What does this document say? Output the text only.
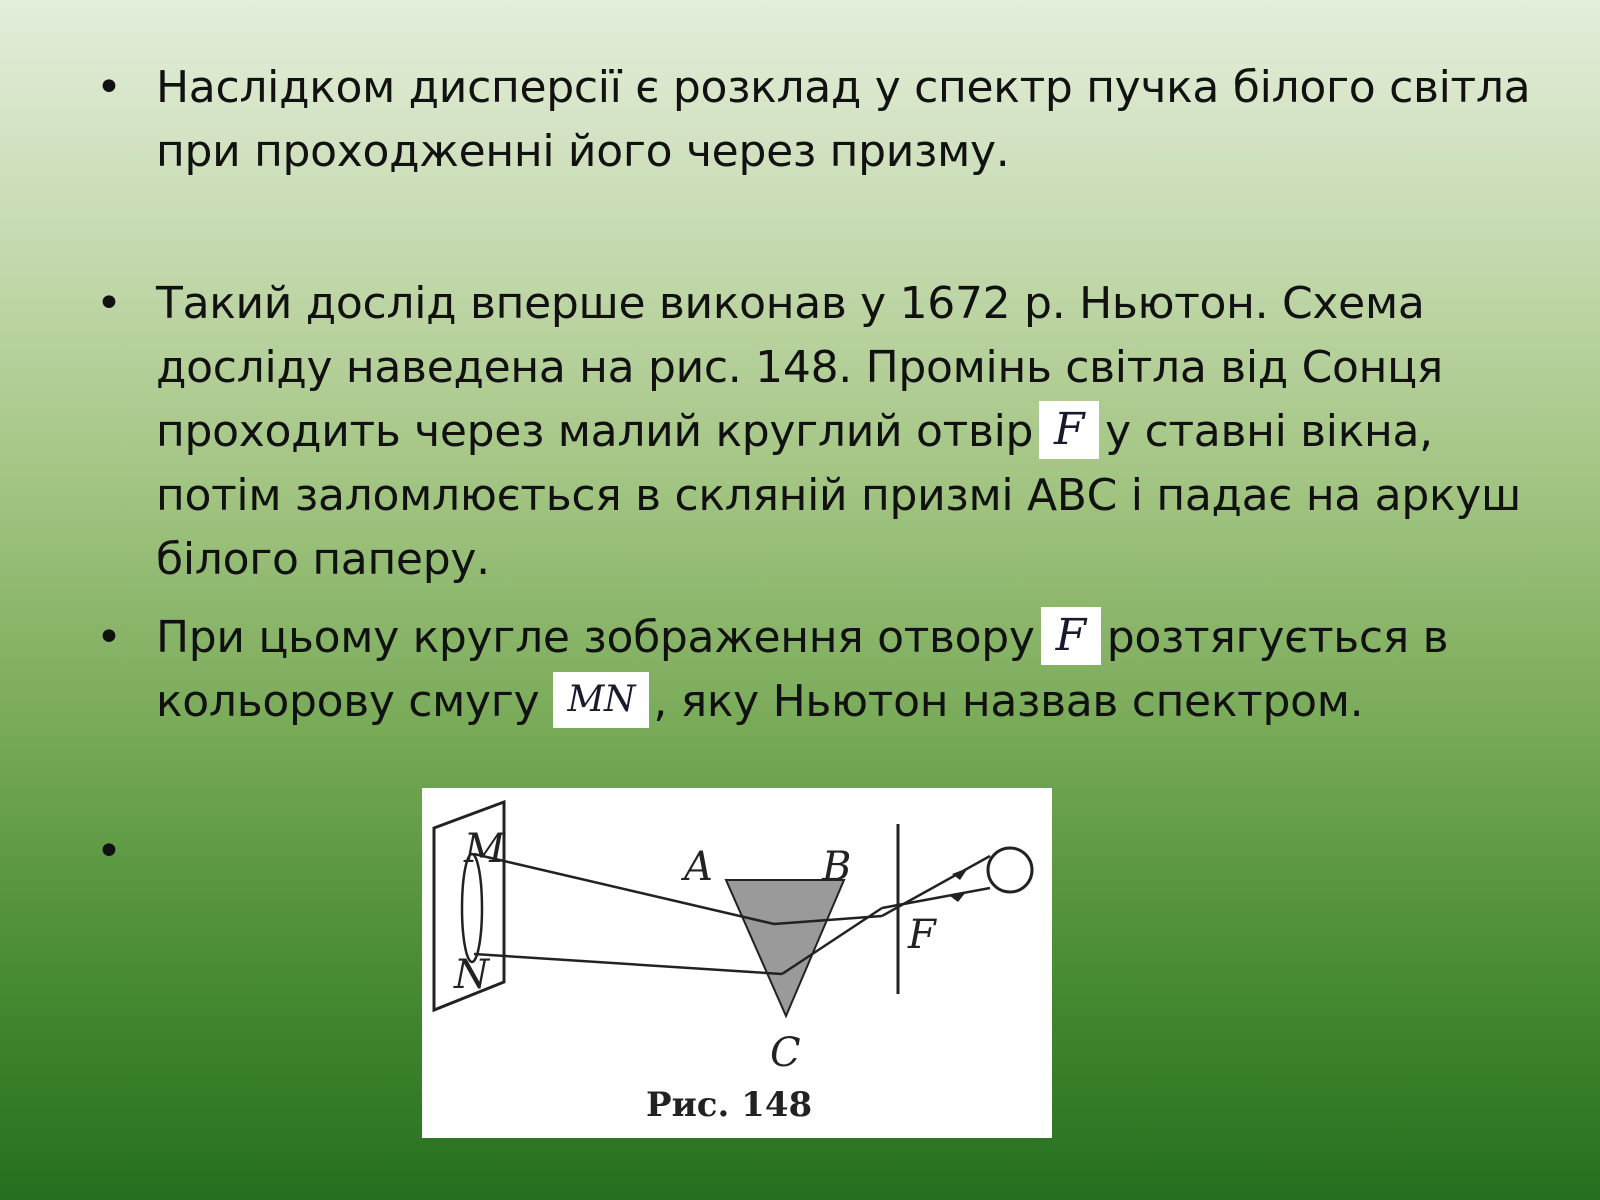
• Наслідком дисперсії є розклад у спектр пучка білого світла
при проходженні його через призму.
• Такий дослід вперше виконав у 1672 р. Ньютон. Схема
досліду наведена на рис. 148. Промінь світла від Сонця
проходить через малий круглий отвір F у ставні вікна,
потім заломлюється в скляній призмі АВС і падає на аркуш
білого паперу.
• При цьому кругле зображення отвору F розтягується в
кольорову смугу MN , яку Ньютон назвав спектром.
•	M
N
A	B
C
F
Рис. 148
